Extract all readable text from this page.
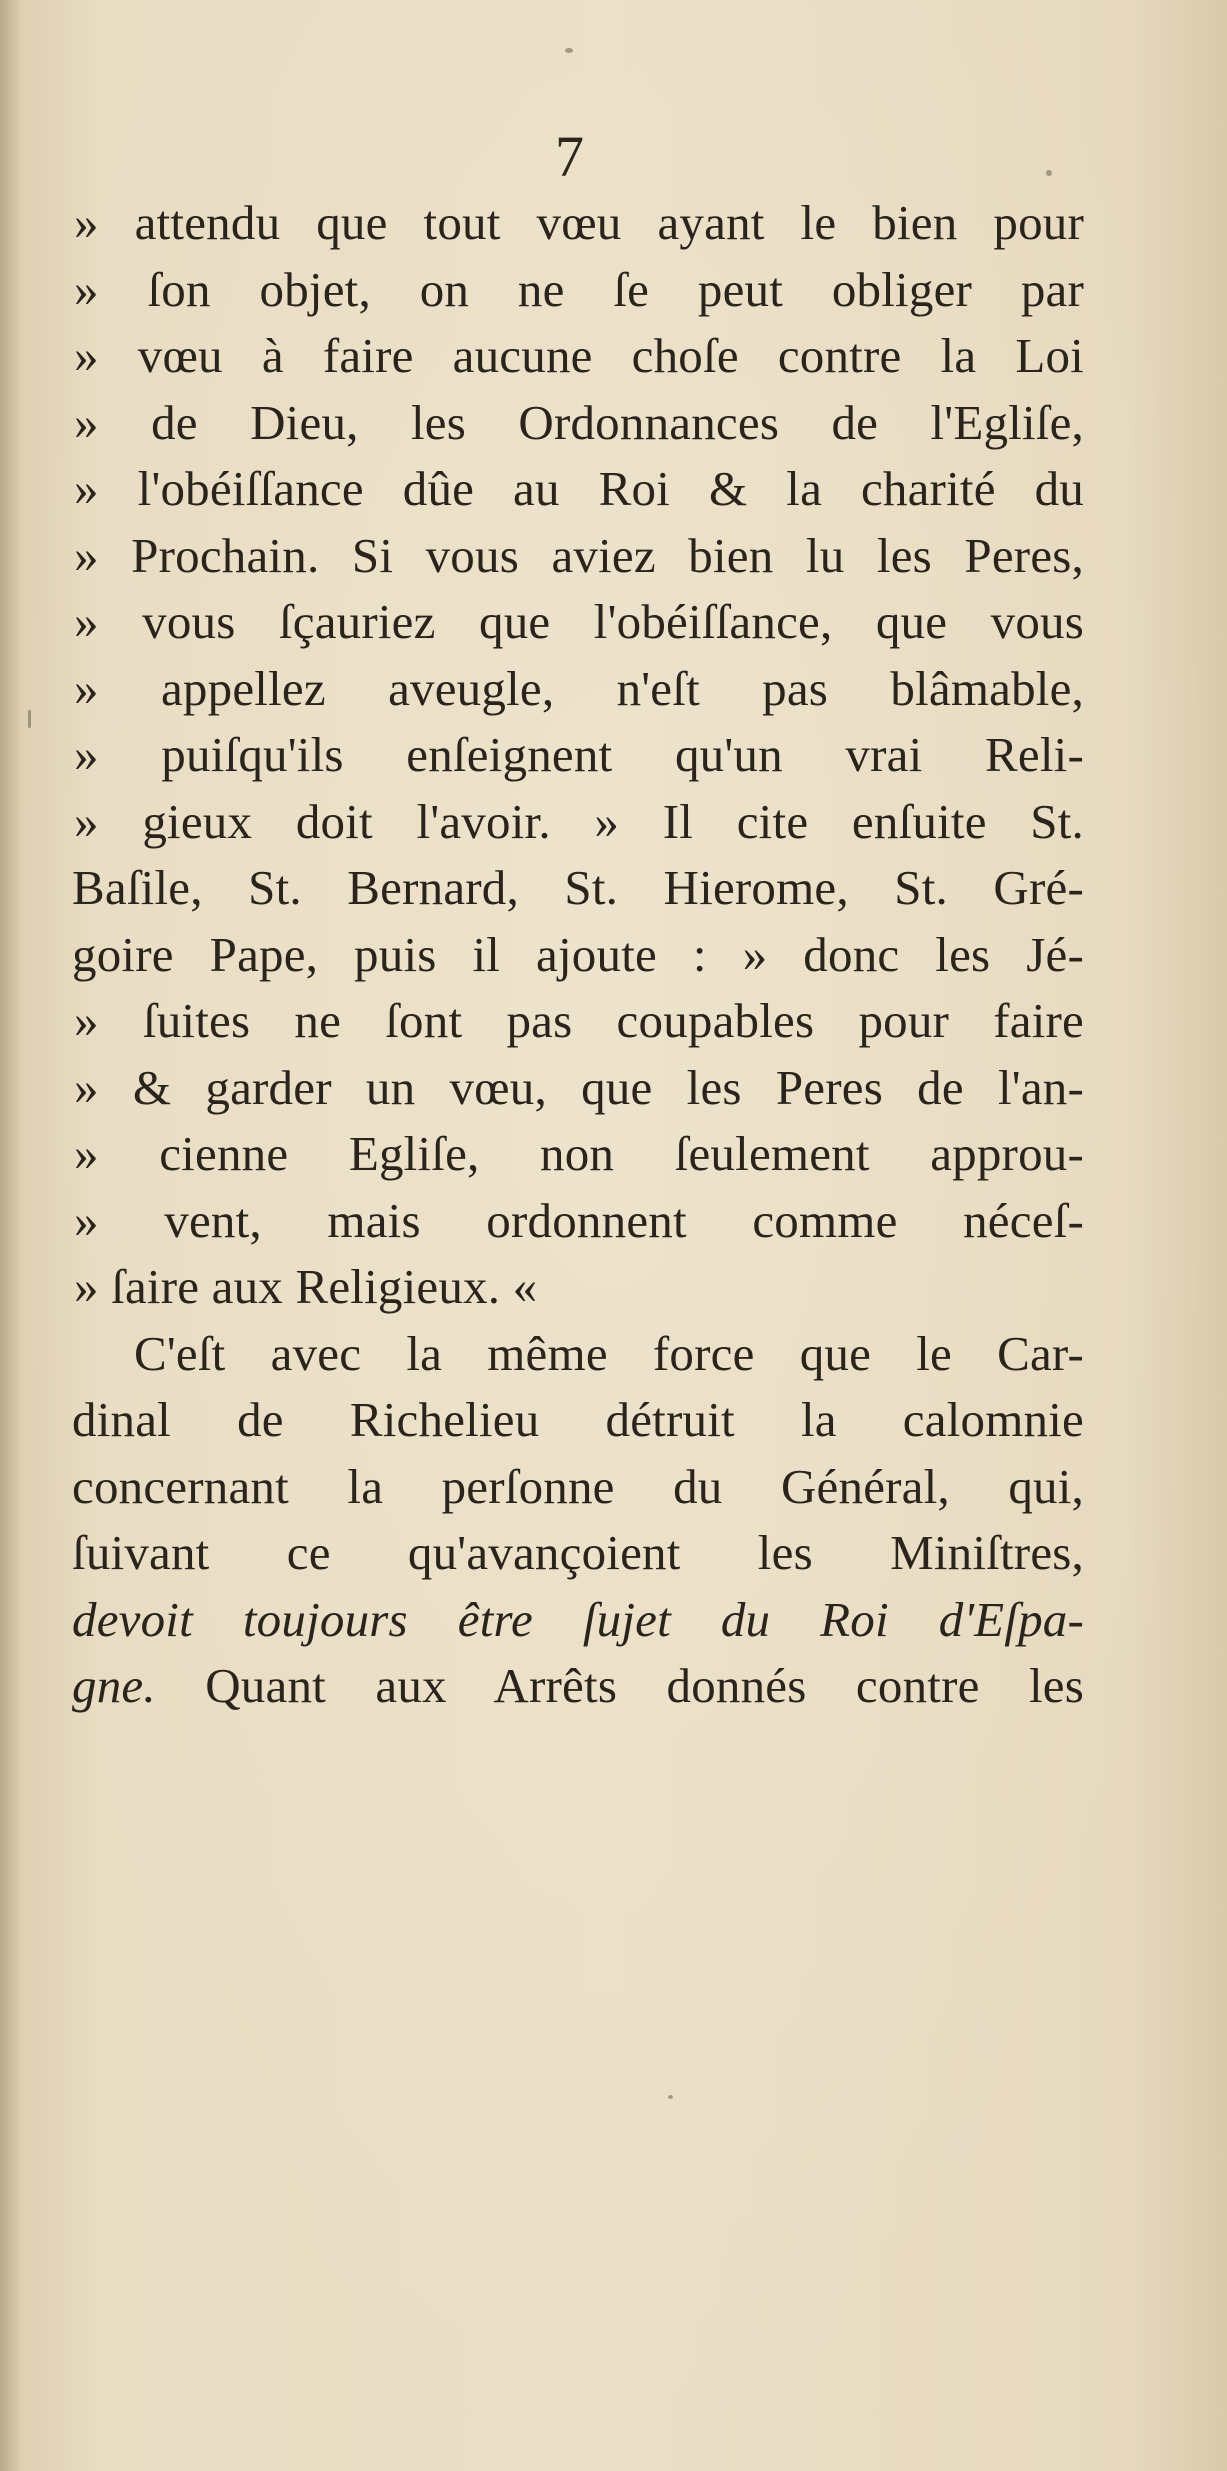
7
» attendu que tout vœu ayant le bien pour
» ſon objet, on ne ſe peut obliger par
» vœu à faire aucune choſe contre la Loi
» de Dieu, les Ordonnances de l'Egliſe,
» l'obéiſſance dûe au Roi & la charité du
» Prochain. Si vous aviez bien lu les Peres,
» vous ſçauriez que l'obéiſſance, que vous
» appellez aveugle, n'eſt pas blâmable,
» puiſqu'ils enſeignent qu'un vrai Reli-
» gieux doit l'avoir. » Il cite enſuite St.
Baſile, St. Bernard, St. Hierome, St. Gré-
goire Pape, puis il ajoute : » donc les Jé-
» ſuites ne ſont pas coupables pour faire
» & garder un vœu, que les Peres de l'an-
» cienne Egliſe, non ſeulement approu-
» vent, mais ordonnent comme néceſ-
» ſaire aux Religieux. «
C'eſt avec la même force que le Car-
dinal de Richelieu détruit la calomnie
concernant la perſonne du Général, qui,
ſuivant ce qu'avançoient les Miniſtres,
devoit toujours être ſujet du Roi d'Eſpa-
gne. Quant aux Arrêts donnés contre les
